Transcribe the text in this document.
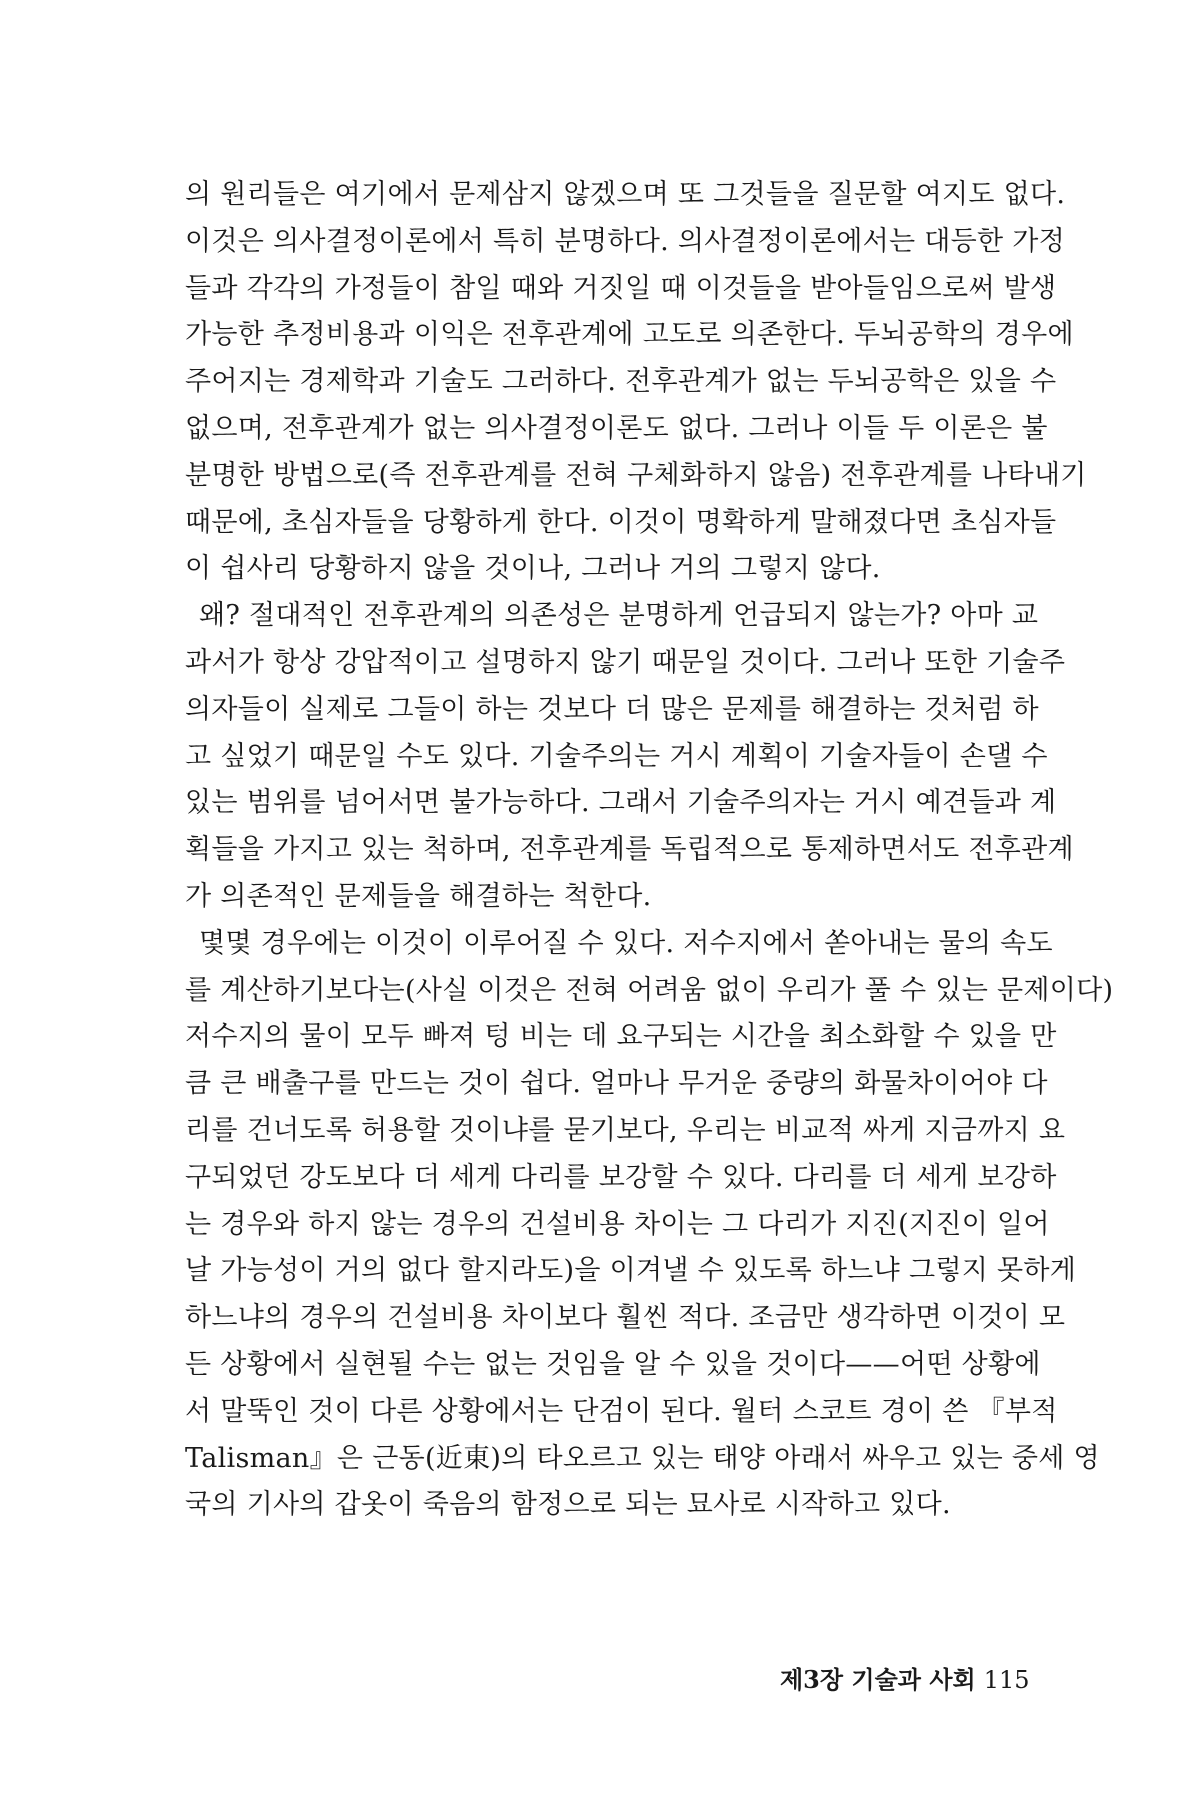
의 원리들은 여기에서 문제삼지 않겠으며 또 그것들을 질문할 여지도 없다.
이것은 의사결정이론에서 특히 분명하다. 의사결정이론에서는 대등한 가정
들과 각각의 가정들이 참일 때와 거짓일 때 이것들을 받아들임으로써 발생
가능한 추정비용과 이익은 전후관계에 고도로 의존한다. 두뇌공학의 경우에
주어지는 경제학과 기술도 그러하다. 전후관계가 없는 두뇌공학은 있을 수
없으며, 전후관계가 없는 의사결정이론도 없다. 그러나 이들 두 이론은 불
분명한 방법으로(즉 전후관계를 전혀 구체화하지 않음) 전후관계를 나타내기
때문에, 초심자들을 당황하게 한다. 이것이 명확하게 말해졌다면 초심자들
이 쉽사리 당황하지 않을 것이나, 그러나 거의 그렇지 않다.
왜? 절대적인 전후관계의 의존성은 분명하게 언급되지 않는가? 아마 교
과서가 항상 강압적이고 설명하지 않기 때문일 것이다. 그러나 또한 기술주
의자들이 실제로 그들이 하는 것보다 더 많은 문제를 해결하는 것처럼 하
고 싶었기 때문일 수도 있다. 기술주의는 거시 계획이 기술자들이 손댈 수
있는 범위를 넘어서면 불가능하다. 그래서 기술주의자는 거시 예견들과 계
획들을 가지고 있는 척하며, 전후관계를 독립적으로 통제하면서도 전후관계
가 의존적인 문제들을 해결하는 척한다.
몇몇 경우에는 이것이 이루어질 수 있다. 저수지에서 쏟아내는 물의 속도
를 계산하기보다는(사실 이것은 전혀 어려움 없이 우리가 풀 수 있는 문제이다)
저수지의 물이 모두 빠져 텅 비는 데 요구되는 시간을 최소화할 수 있을 만
큼 큰 배출구를 만드는 것이 쉽다. 얼마나 무거운 중량의 화물차이어야 다
리를 건너도록 허용할 것이냐를 묻기보다, 우리는 비교적 싸게 지금까지 요
구되었던 강도보다 더 세게 다리를 보강할 수 있다. 다리를 더 세게 보강하
는 경우와 하지 않는 경우의 건설비용 차이는 그 다리가 지진(지진이 일어
날 가능성이 거의 없다 할지라도)을 이겨낼 수 있도록 하느냐 그렇지 못하게
하느냐의 경우의 건설비용 차이보다 훨씬 적다. 조금만 생각하면 이것이 모
든 상황에서 실현될 수는 없는 것임을 알 수 있을 것이다——어떤 상황에
서 말뚝인 것이 다른 상황에서는 단검이 된다. 월터 스코트 경이 쓴 『부적
Talisman』은 근동(近東)의 타오르고 있는 태양 아래서 싸우고 있는 중세 영
국의 기사의 갑옷이 죽음의 함정으로 되는 묘사로 시작하고 있다.
제3장 기술과 사회 115
